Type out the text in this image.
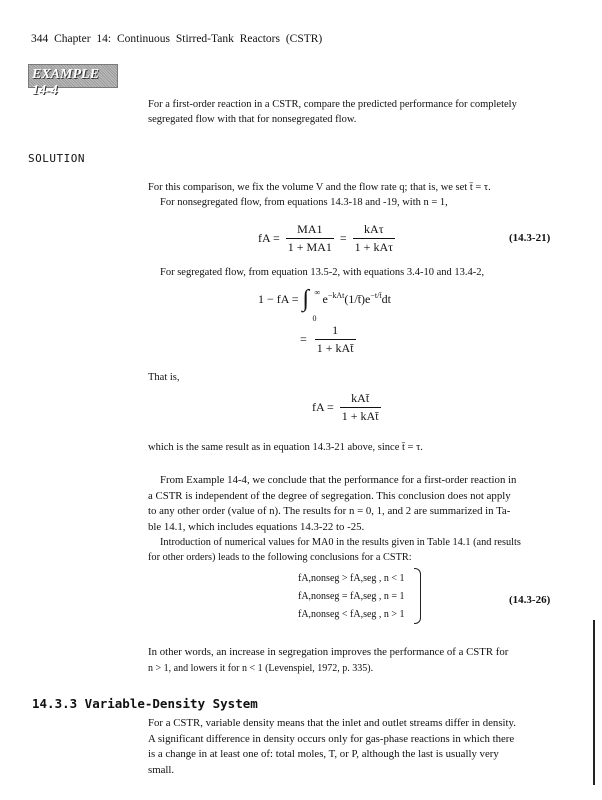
344 Chapter 14: Continuous Stirred-Tank Reactors (CSTR)
EXAMPLE 14-4
For a first-order reaction in a CSTR, compare the predicted performance for completely
segregated flow with that for nonsegregated flow.
SOLUTION
For this comparison, we fix the volume V and the flow rate q; that is, we set t̄ = τ.
For nonsegregated flow, from equations 14.3-18 and -19, with n = 1,
fA = $\frac{MA1}{1 + MA1} = \frac{\text{kAτ}}{\text{1 + kAτ}}$	(14.3-21)
For segregated flow, from equation 13.5-2, with equations 3.4-10 and 13.4-2,
1 − fA = ∫ ∞
0
$e^{-kAt}(1/t̄)e^{-t/t̄}dt$
= $\frac{1}{\text{1 + kAt̄}}$
That is,
fA = $\frac{\text{kAt̄}}{\text{1 + kAt̄}}$
which is the same result as in equation 14.3-21 above, since t̄ = τ.
From Example 14-4, we conclude that the performance for a first-order reaction in
a CSTR is independent of the degree of segregation. This conclusion does not apply
to any other order (value of n). The results for n = 0, 1, and 2 are summarized in Ta-
ble 14.1, which includes equations 14.3-22 to -25.
Introduction of numerical values for MA0 in the results given in Table 14.1 (and results
for other orders) leads to the following conclusions for a CSTR:
fA,nonseg > fA,seg , n < 1
fA,nonseg = fA,seg , n = 1
fA,nonseg < fA,seg , n > 1
(14.3-26)
In other words, an increase in segregation improves the performance of a CSTR for
n > 1, and lowers it for n < 1 (Levenspiel, 1972, p. 335).
14.3.3 Variable-Density System
For a CSTR, variable density means that the inlet and outlet streams differ in density.
A significant difference in density occurs only for gas-phase reactions in which there
is a change in at least one of: total moles, T, or P, although the last is usually very
small.
